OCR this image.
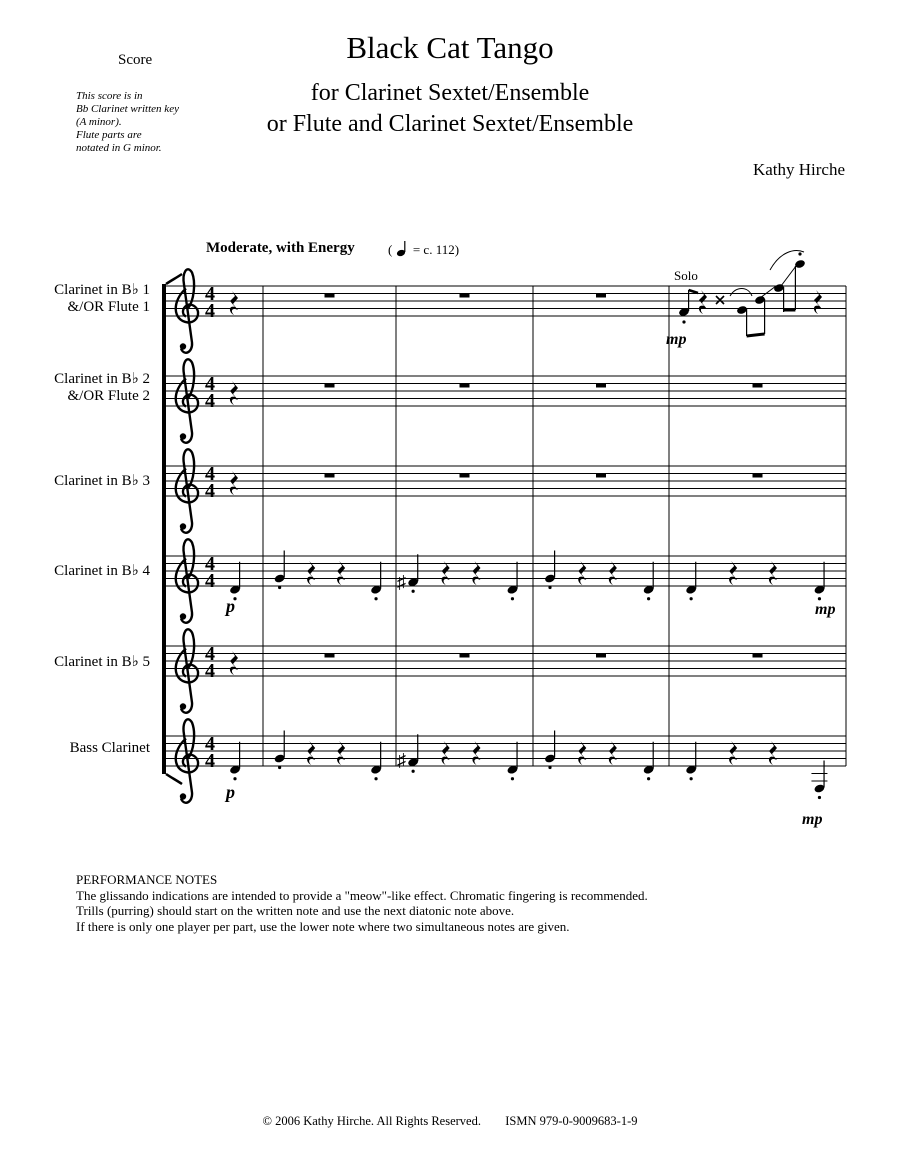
Score
This score is in
Bb Clarinet written key
(A minor).
Flute parts are
notated in G minor.
Black Cat Tango
for Clarinet Sextet/Ensemble
or Flute and Clarinet Sextet/Ensemble
Kathy Hirche
Moderate, with Energy	( = c. 112)
Clarinet in B♭ 1
&/OR Flute 1
Clarinet in B♭ 2
&/OR Flute 2
Clarinet in B♭ 3
Clarinet in B♭ 4
Clarinet in B♭ 5
Bass Clarinet
4
4
4
4
4
4
4
4
4
4
4
4
Solo
mp
p	mp
p
mp
♯
♯
PERFORMANCE NOTES
The glissando indications are intended to provide a "meow"-like effect. Chromatic fingering is recommended.
Trills (purring) should start on the written note and use the next diatonic note above.
If there is only one player per part, use the lower note where two simultaneous notes are given.
© 2006 Kathy Hirche. All Rights Reserved. ISMN 979-0-9009683-1-9
